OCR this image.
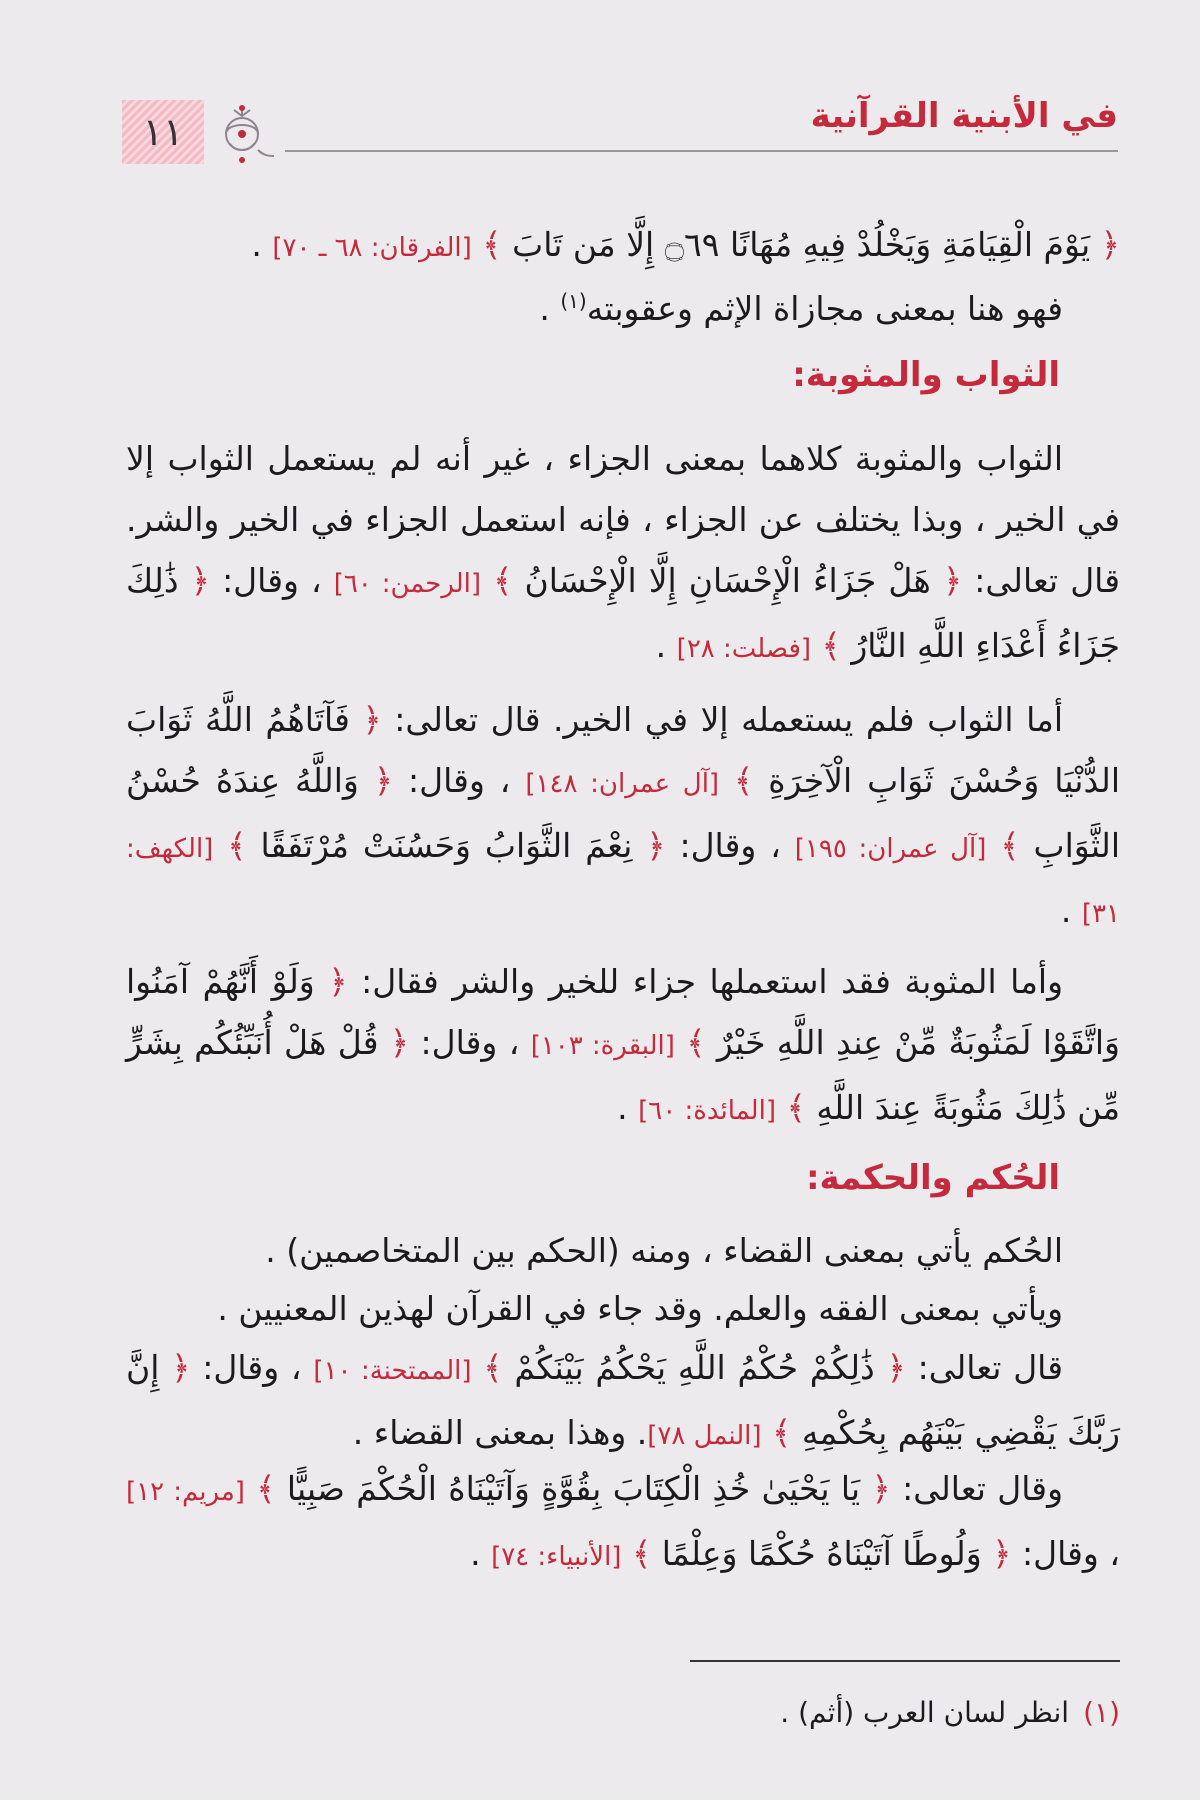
١١	في الأبنية القرآنية
﴿ يَوْمَ الْقِيَامَةِ وَيَخْلُدْ فِيهِ مُهَانًا ۝٦٩ إِلَّا مَن تَابَ ﴾ [الفرقان: ٦٨ ـ ٧٠] .
فهو هنا بمعنى مجازاة الإثم وعقوبته$^{(١)}$ .
الثواب والمثوبة:
الثواب والمثوبة كلاهما بمعنى الجزاء ، غير أنه لم يستعمل الثواب إلا في الخير ، وبذا يختلف عن الجزاء ، فإنه استعمل الجزاء في الخير والشر. قال تعالى: ﴿ هَلْ جَزَاءُ الْإِحْسَانِ إِلَّا الْإِحْسَانُ ﴾ [الرحمن: ٦٠] ، وقال: ﴿ ذَٰلِكَ جَزَاءُ أَعْدَاءِ اللَّهِ النَّارُ ﴾ [فصلت: ٢٨] .
أما الثواب فلم يستعمله إلا في الخير. قال تعالى: ﴿ فَآتَاهُمُ اللَّهُ ثَوَابَ الدُّنْيَا وَحُسْنَ ثَوَابِ الْآخِرَةِ ﴾ [آل عمران: ١٤٨] ، وقال: ﴿ وَاللَّهُ عِندَهُ حُسْنُ الثَّوَابِ ﴾ [آل عمران: ١٩٥] ، وقال: ﴿ نِعْمَ الثَّوَابُ وَحَسُنَتْ مُرْتَفَقًا ﴾ [الكهف: ٣١] .
وأما المثوبة فقد استعملها جزاء للخير والشر فقال: ﴿ وَلَوْ أَنَّهُمْ آمَنُوا وَاتَّقَوْا لَمَثُوبَةٌ مِّنْ عِندِ اللَّهِ خَيْرٌ ﴾ [البقرة: ١٠٣] ، وقال: ﴿ قُلْ هَلْ أُنَبِّئُكُم بِشَرٍّ مِّن ذَٰلِكَ مَثُوبَةً عِندَ اللَّهِ ﴾ [المائدة: ٦٠] .
الحُكم والحكمة:
الحُكم يأتي بمعنى القضاء ، ومنه (الحكم بين المتخاصمين) .
ويأتي بمعنى الفقه والعلم. وقد جاء في القرآن لهذين المعنيين .
قال تعالى: ﴿ ذَٰلِكُمْ حُكْمُ اللَّهِ يَحْكُمُ بَيْنَكُمْ ﴾ [الممتحنة: ١٠] ، وقال: ﴿ إِنَّ رَبَّكَ يَقْضِي بَيْنَهُم بِحُكْمِهِ ﴾ [النمل ٧٨]. وهذا بمعنى القضاء .
وقال تعالى: ﴿ يَا يَحْيَىٰ خُذِ الْكِتَابَ بِقُوَّةٍ وَآتَيْنَاهُ الْحُكْمَ صَبِيًّا ﴾ [مريم: ١٢] ، وقال: ﴿ وَلُوطًا آتَيْنَاهُ حُكْمًا وَعِلْمًا ﴾ [الأنبياء: ٧٤] .
(١)انظر لسان العرب (أثم) .
